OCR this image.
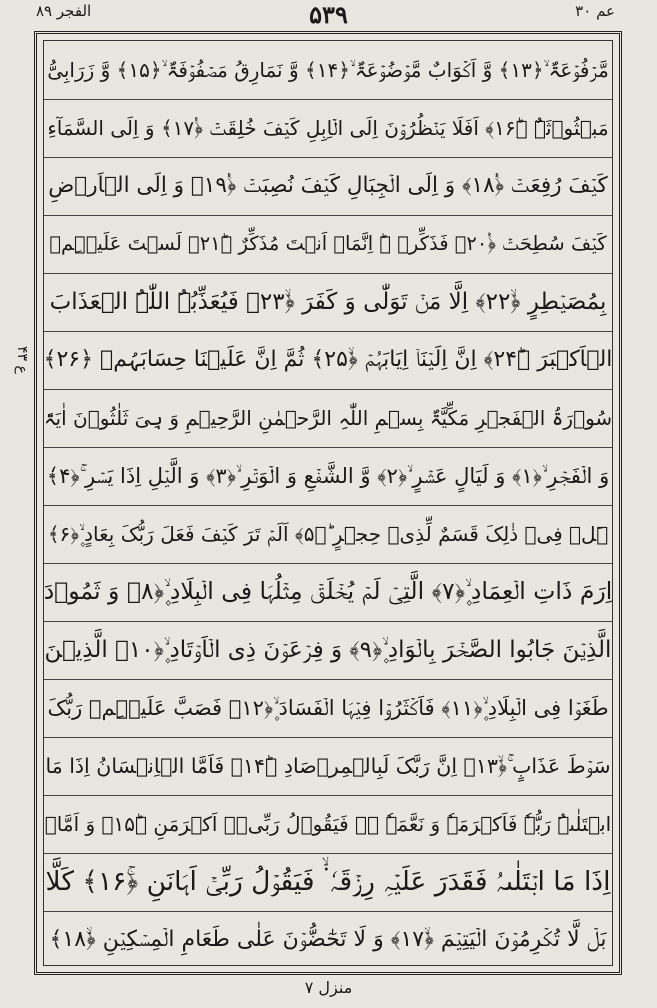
الفجر ۸۹	۵۳۹	عم ۳۰
ع ۴۳
مَّرۡفُوۡعَۃٌ ۙ﴿۱۳﴾ وَّ اَکۡوَابٌ مَّوۡضُوۡعَۃٌ ۙ﴿۱۴﴾ وَّ نَمَارِقُ مَصۡفُوۡفَۃٌ ۙ﴿۱۵﴾ وَّ زَرَابِیُّ
مَبۡثُوۡثَۃٌ ﴿ؕ۱۶﴾ اَفَلَا یَنۡظُرُوۡنَ اِلَی الۡاِبِلِ کَیۡفَ خُلِقَتۡ ﴿ٝ۱۷﴾ وَ اِلَی السَّمَآءِ
کَیۡفَ رُفِعَتۡ ﴿ٝ۱۸﴾ وَ اِلَی الۡجِبَالِ کَیۡفَ نُصِبَتۡ ﴿ٝ۱۹﴾ وَ اِلَی الۡاَرۡضِ
کَیۡفَ سُطِحَتۡ ﴿ٝ۲۰﴾ فَذَکِّرۡ ۟ؕ اِنَّمَاۤ اَنۡتَ مُذَکِّرٌ ﴿ؕ۲۱﴾ لَسۡتَ عَلَیۡہِمۡ
بِمُصَیۡطِرٍ ﴿ۙ۲۲﴾ اِلَّا مَنۡ تَوَلّٰی وَ کَفَرَ ﴿ۙ۲۳﴾ فَیُعَذِّبُہُ اللّٰہُ الۡعَذَابَ
الۡاَکۡبَرَ ﴿ؕ۲۴﴾ اِنَّ اِلَیۡنَاۤ اِیَابَہُمۡ ﴿ۙ۲۵﴾ ثُمَّ اِنَّ عَلَیۡنَا حِسَابَہُمۡ ﴿۲۶﴾
سُوۡرَۃُ الۡفَجۡرِ مَکِّیَّۃٌ بِسۡمِ اللّٰہِ الرَّحۡمٰنِ الرَّحِیۡمِ وَ ہِیَ ثَلٰثُوۡنَ اٰیَۃً
وَ الۡفَجۡرِ ۙ﴿۱﴾ وَ لَیَالٍ عَشۡرٍ ۙ﴿۲﴾ وَّ الشَّفۡعِ وَ الۡوَتۡرِ ۙ﴿۳﴾ وَ الَّیۡلِ اِذَا یَسۡرِ ۚ﴿۴﴾
ہَلۡ فِیۡ ذٰلِکَ قَسَمٌ لِّذِیۡ حِجۡرٍ ؕ﴿۵﴾ اَلَمۡ تَرَ کَیۡفَ فَعَلَ رَبُّکَ بِعَادٍ ۪ۙ﴿۶﴾
اِرَمَ ذَاتِ الۡعِمَادِ ۪ۙ﴿۷﴾ الَّتِیۡ لَمۡ یُخۡلَقۡ مِثۡلُہَا فِی الۡبِلَادِ ۪ۙ﴿۸﴾ وَ ثَمُوۡدَ
الَّذِیۡنَ جَابُوا الصَّخۡرَ بِالۡوَادِ ۪ۙ﴿۹﴾ وَ فِرۡعَوۡنَ ذِی الۡاَوۡتَادِ ۪ۙ﴿۱۰﴾ الَّذِیۡنَ
طَغَوۡا فِی الۡبِلَادِ ۪ۙ﴿۱۱﴾ فَاَکۡثَرُوۡا فِیۡہَا الۡفَسَادَ ۪ۙ﴿۱۲﴾ فَصَبَّ عَلَیۡہِمۡ رَبُّکَ
سَوۡطَ عَذَابٍ ۚ﴿ۙ۱۳﴾ اِنَّ رَبَّکَ لَبِالۡمِرۡصَادِ ﴿ؕ۱۴﴾ فَاَمَّا الۡاِنۡسَانُ اِذَا مَا
ابۡتَلٰىہُ رَبُّہٗ فَاَکۡرَمَہٗ وَ نَعَّمَہٗ ۬ۙ فَیَقُوۡلُ رَبِّیۡۤ اَکۡرَمَنِ ﴿ؕ۱۵﴾ وَ اَمَّاۤ
اِذَا مَا ابۡتَلٰىہُ فَقَدَرَ عَلَیۡہِ رِزۡقَہٗ ۬ۙ فَیَقُوۡلُ رَبِّیۡۤ اَہَانَنِ ﴿ۚ۱۶﴾ کَلَّا
بَلۡ لَّا تُکۡرِمُوۡنَ الۡیَتِیۡمَ ﴿ۙ۱۷﴾ وَ لَا تَحٰٓضُّوۡنَ عَلٰی طَعَامِ الۡمِسۡکِیۡنِ ﴿ۙ۱۸﴾
منزل ۷
